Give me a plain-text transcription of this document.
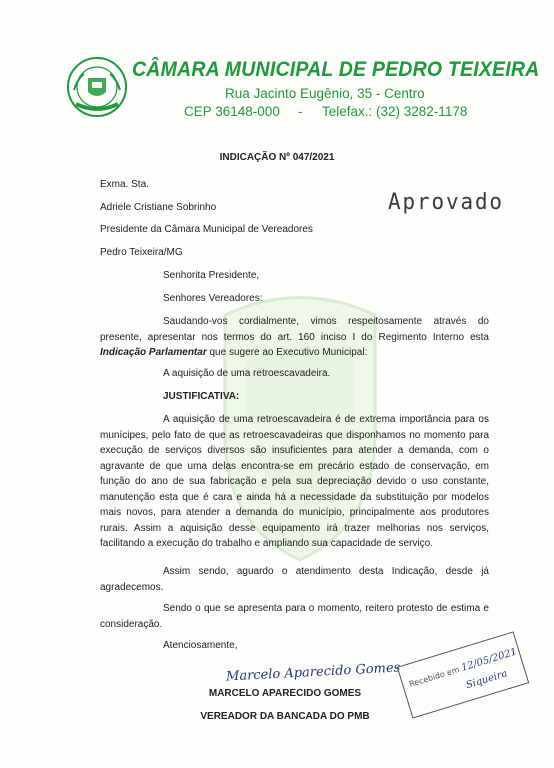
CÂMARA MUNICIPAL DE PEDRO TEIXEIRA
Rua Jacinto Eugênio, 35 - Centro
CEP 36148-000 - Telefax.: (32) 3282-1178
INDICAÇÃO Nº 047/2021
Exma. Sta.
Adriele Cristiane Sobrinho
Presidente da Câmara Municipal de Vereadores
Pedro Teixeira/MG
Aprovado
Senhorita Presidente,
Senhores Vereadores:
Saudando-vos cordialmente, vimos respeitosamente através do presente, apresentar nos termos do art. 160 inciso I do Regimento Interno esta Indicação Parlamentar que sugere ao Executivo Municipal:
A aquisição de uma retroescavadeira.
JUSTIFICATIVA:
A aquisição de uma retroescavadeira é de extrema importância para os munícipes, pelo fato de que as retroescavadeiras que disponhamos no momento para execução de serviços diversos são insuficientes para atender a demanda, com o agravante de que uma delas encontra-se em precário estado de conservação, em função do ano de sua fabricação e pela sua depreciação devido o uso constante, manutenção esta que é cara e ainda há a necessidade da substituição por modelos mais novos, para atender a demanda do município, principalmente aos produtores rurais. Assim a aquisição desse equipamento irá trazer melhorias nos serviços, facilitando a execução do trabalho e ampliando sua capacidade de serviço.
Assim sendo, aguardo o atendimento desta Indicação, desde já agradecemos.
Sendo o que se apresenta para o momento, reitero protesto de estima e consideração.
Atenciosamente,
Marcelo Aparecido Gomes
MARCELO APARECIDO GOMES
VEREADOR DA BANCADA DO PMB
Recebido em 12/05/2021
Siqueira
